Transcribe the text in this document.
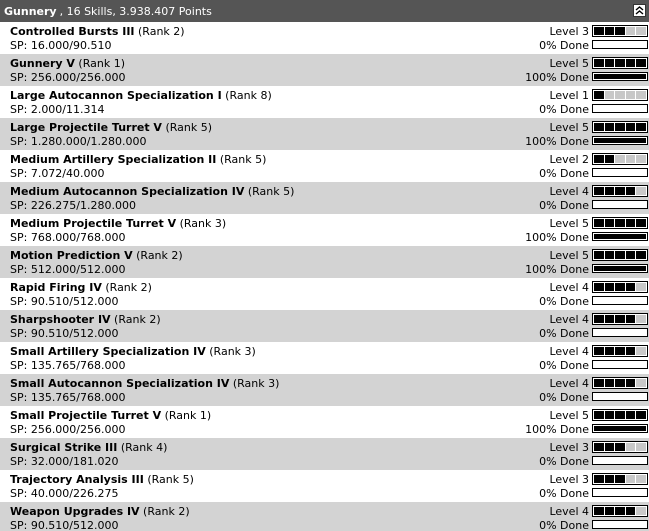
Gunnery , 16 Skills, 3.938.407 Points
Controlled Bursts III (Rank 2)
SP: 16.000/90.510
Level 3
0% Done
Gunnery V (Rank 1)
SP: 256.000/256.000
Level 5
100% Done
Large Autocannon Specialization I (Rank 8)
SP: 2.000/11.314
Level 1
0% Done
Large Projectile Turret V (Rank 5)
SP: 1.280.000/1.280.000
Level 5
100% Done
Medium Artillery Specialization II (Rank 5)
SP: 7.072/40.000
Level 2
0% Done
Medium Autocannon Specialization IV (Rank 5)
SP: 226.275/1.280.000
Level 4
0% Done
Medium Projectile Turret V (Rank 3)
SP: 768.000/768.000
Level 5
100% Done
Motion Prediction V (Rank 2)
SP: 512.000/512.000
Level 5
100% Done
Rapid Firing IV (Rank 2)
SP: 90.510/512.000
Level 4
0% Done
Sharpshooter IV (Rank 2)
SP: 90.510/512.000
Level 4
0% Done
Small Artillery Specialization IV (Rank 3)
SP: 135.765/768.000
Level 4
0% Done
Small Autocannon Specialization IV (Rank 3)
SP: 135.765/768.000
Level 4
0% Done
Small Projectile Turret V (Rank 1)
SP: 256.000/256.000
Level 5
100% Done
Surgical Strike III (Rank 4)
SP: 32.000/181.020
Level 3
0% Done
Trajectory Analysis III (Rank 5)
SP: 40.000/226.275
Level 3
0% Done
Weapon Upgrades IV (Rank 2)
SP: 90.510/512.000
Level 4
0% Done
